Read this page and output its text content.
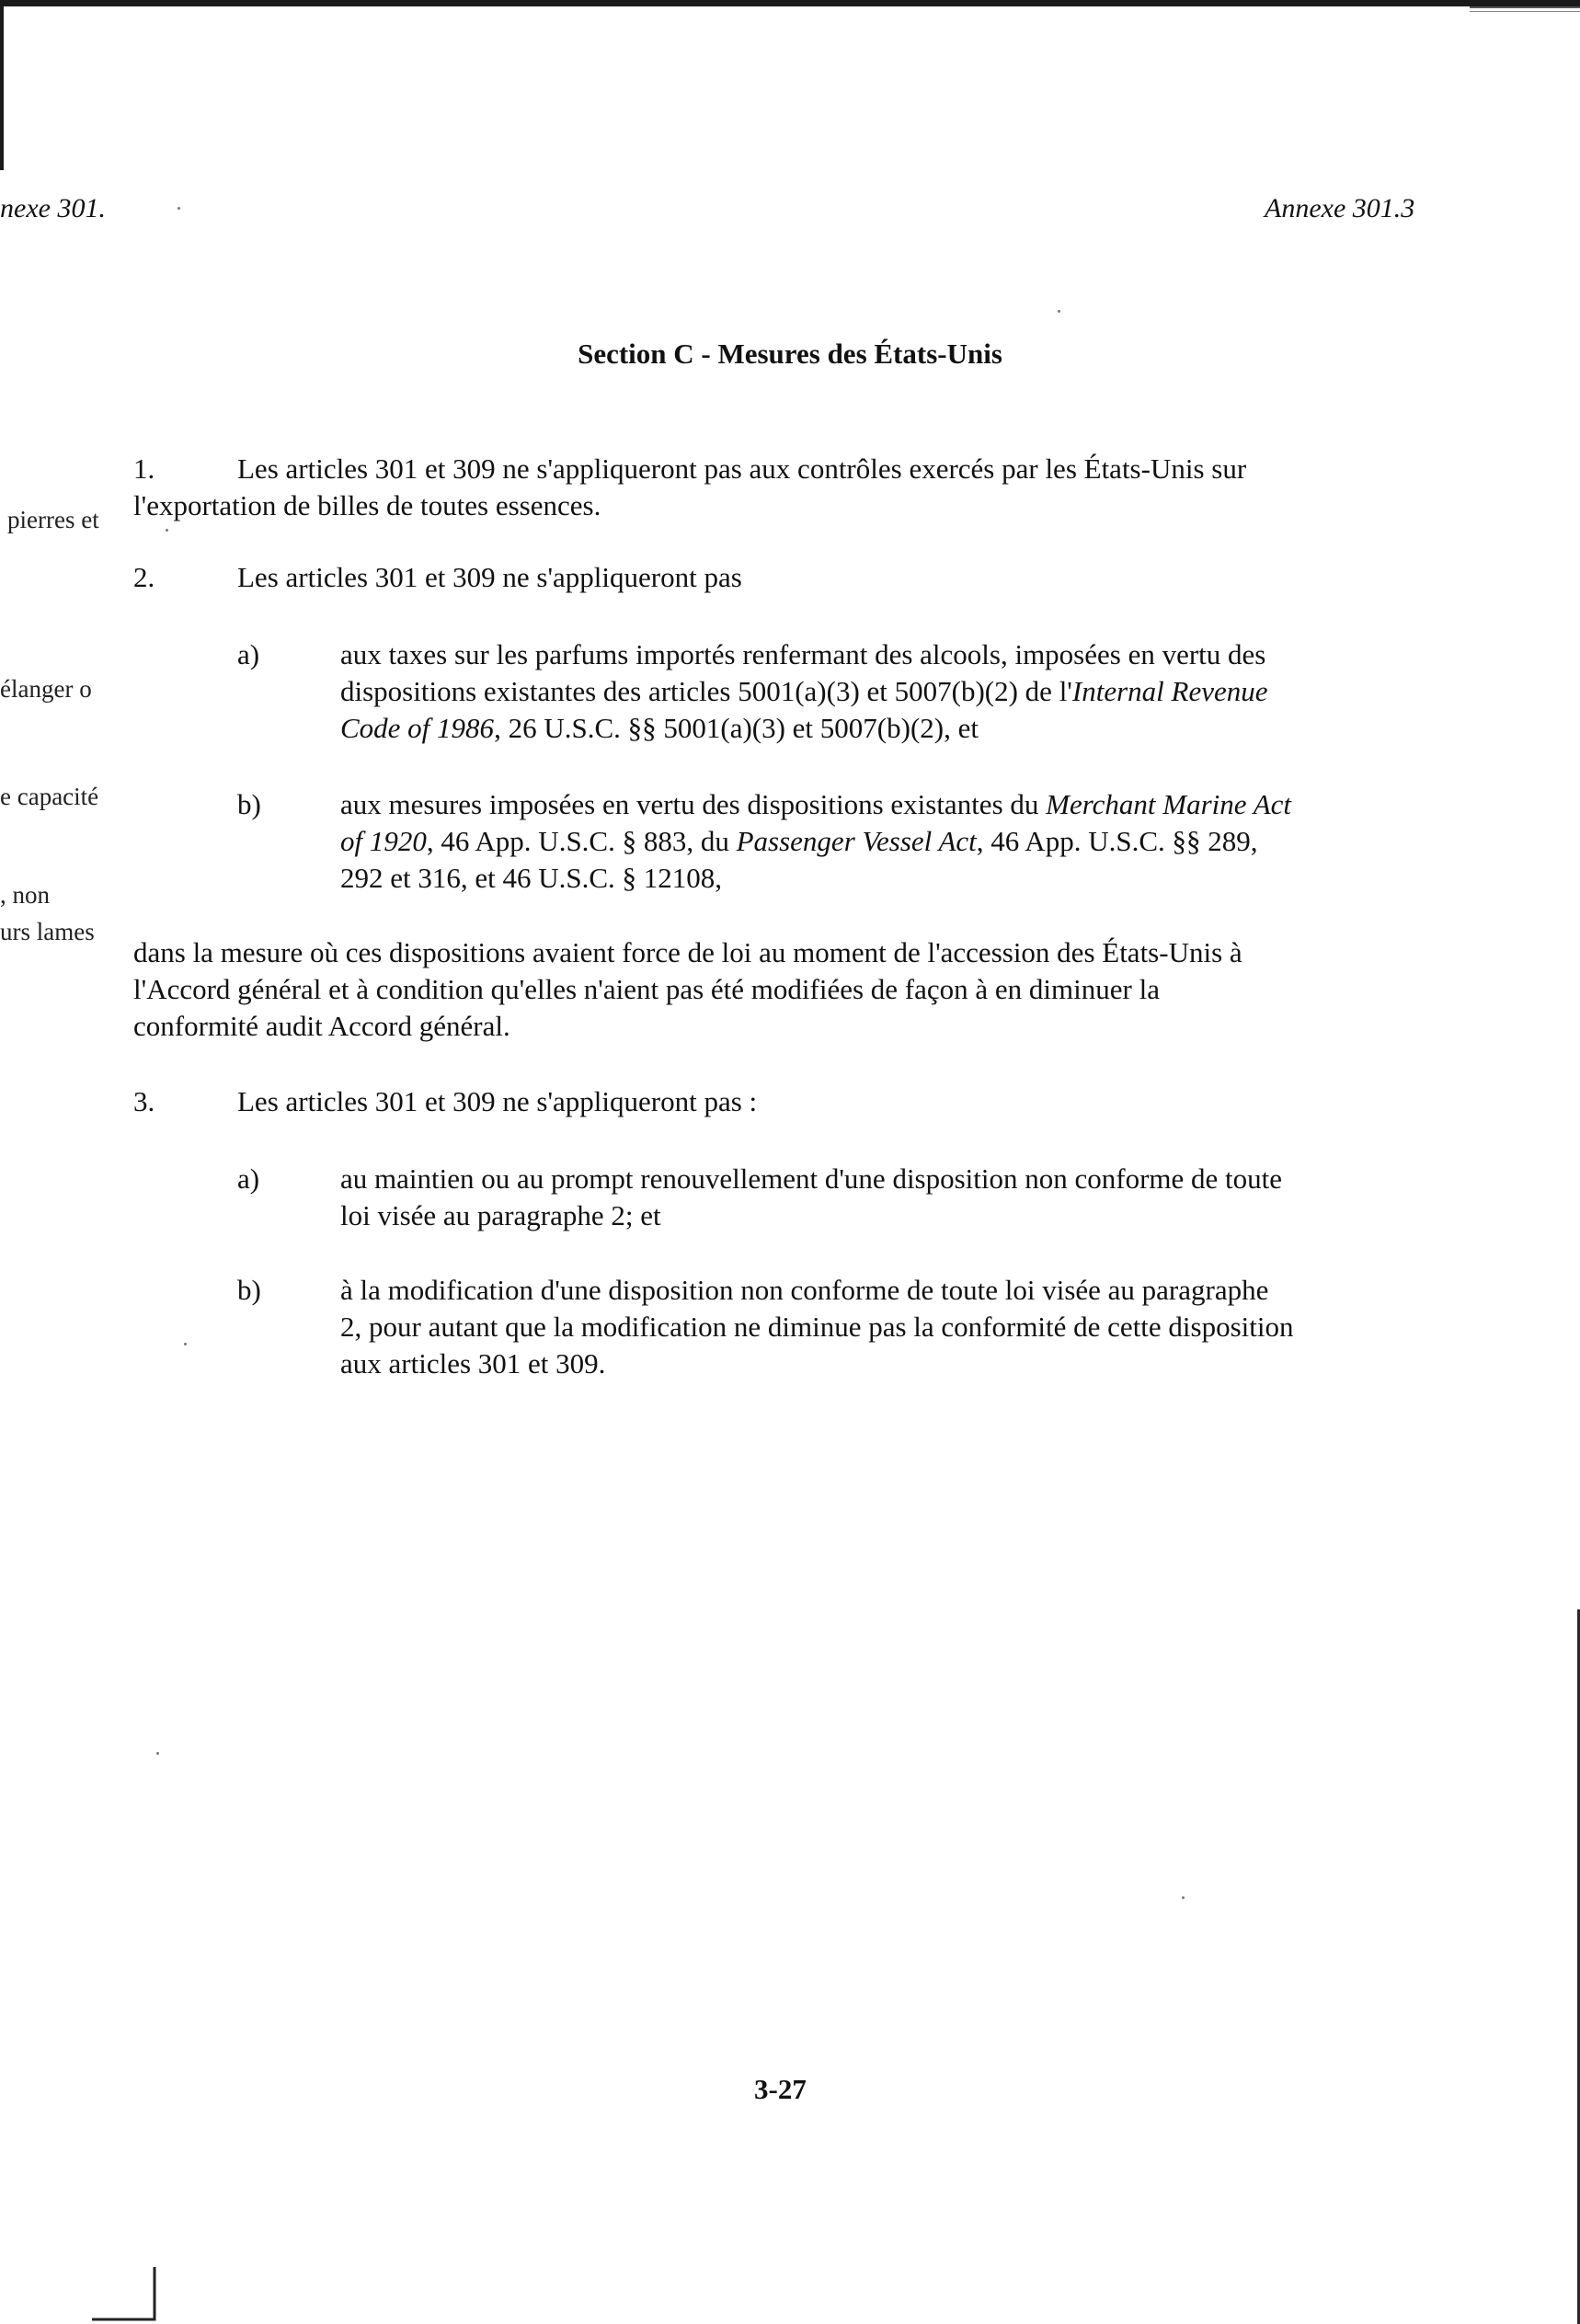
nexe 301.	Annexe 301.3
pierres et
élanger o
e capacité
, non
urs lames
Section C - Mesures des États-Unis
1.	Les articles 301 et 309 ne s'appliqueront pas aux contrôles exercés par les États-Unis sur
l'exportation de billes de toutes essences.
2.	Les articles 301 et 309 ne s'appliqueront pas
a)	aux taxes sur les parfums importés renfermant des alcools, imposées en vertu des
dispositions existantes des articles 5001(a)(3) et 5007(b)(2) de l'Internal Revenue
Code of 1986, 26 U.S.C. §§ 5001(a)(3) et 5007(b)(2), et
b)	aux mesures imposées en vertu des dispositions existantes du Merchant Marine Act
of 1920, 46 App. U.S.C. § 883, du Passenger Vessel Act, 46 App. U.S.C. §§ 289,
292 et 316, et 46 U.S.C. § 12108,
dans la mesure où ces dispositions avaient force de loi au moment de l'accession des États-Unis à
l'Accord général et à condition qu'elles n'aient pas été modifiées de façon à en diminuer la
conformité audit Accord général.
3.	Les articles 301 et 309 ne s'appliqueront pas :
a)	au maintien ou au prompt renouvellement d'une disposition non conforme de toute
loi visée au paragraphe 2; et
b)	à la modification d'une disposition non conforme de toute loi visée au paragraphe
2, pour autant que la modification ne diminue pas la conformité de cette disposition
aux articles 301 et 309.
3-27
